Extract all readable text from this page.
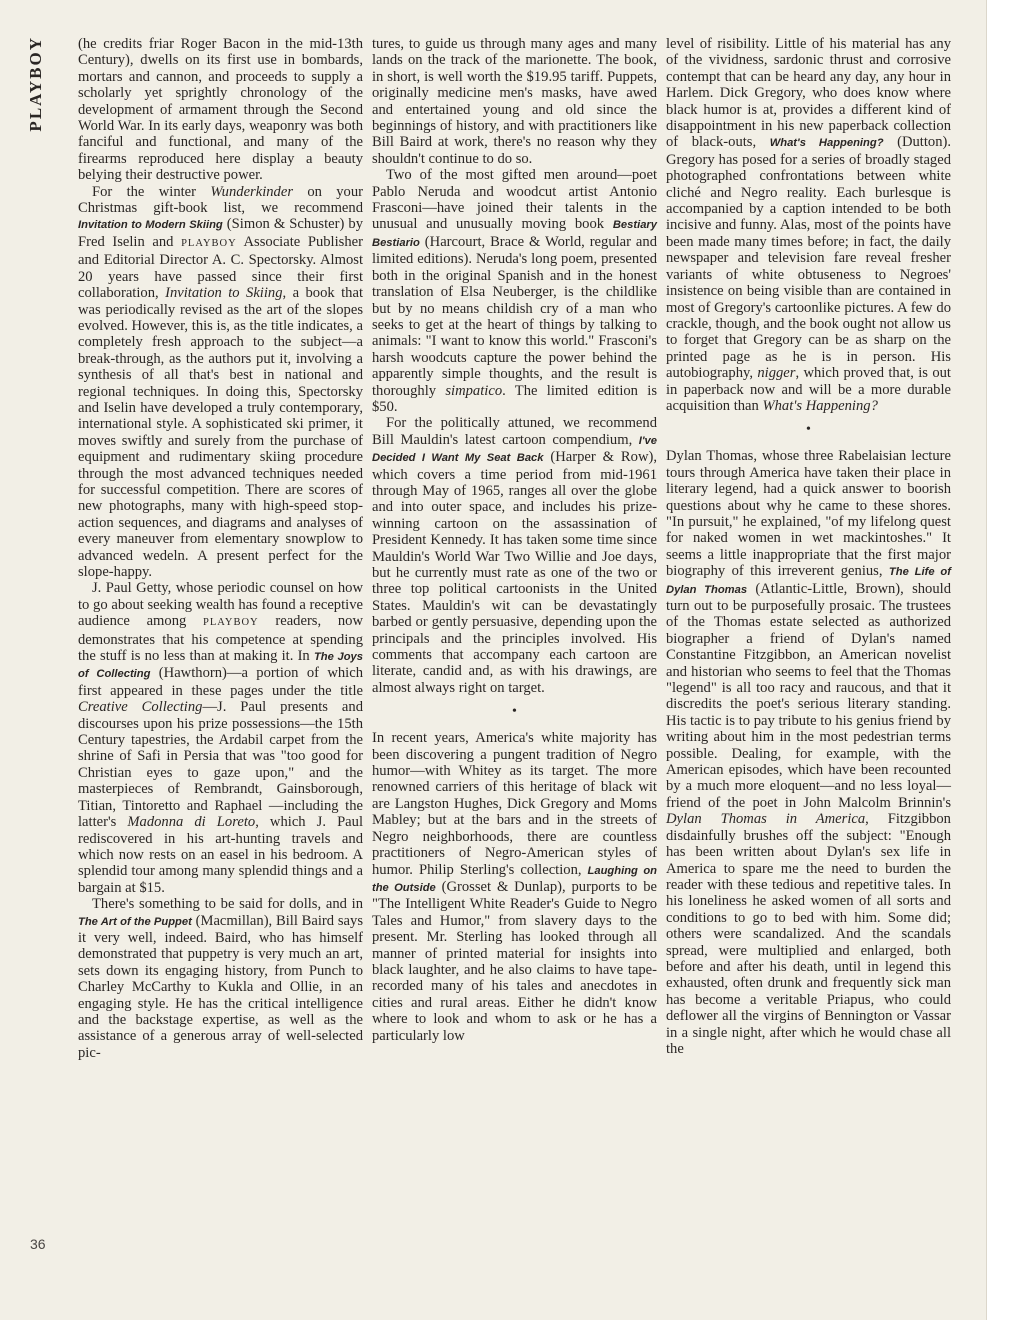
PLAYBOY	(he credits friar Roger Bacon in the mid-13th Century), dwells on its first use in bombards, mortars and cannon, and proceeds to supply a scholarly yet sprightly chronology of the development of armament through the Second World War. In its early days, weaponry was both fanciful and functional, and many of the firearms reproduced here display a beauty belying their destructive power.

For the winter Wunderkinder on your Christmas gift-book list, we recommend Invitation to Modern Skiing (Simon & Schuster) by Fred Iselin and PLAYBOY Associate Publisher and Editorial Director A. C. Spectorsky. Almost 20 years have passed since their first collaboration, Invitation to Skiing, a book that was periodically revised as the art of the slopes evolved. However, this is, as the title indicates, a completely fresh approach to the subject—a break-through, as the authors put it, involving a synthesis of all that's best in national and regional techniques. In doing this, Spectorsky and Iselin have developed a truly contemporary, international style. A sophisticated ski primer, it moves swiftly and surely from the purchase of equipment and rudimentary skiing procedure through the most advanced techniques needed for successful competition. There are scores of new photographs, many with high-speed stop-action sequences, and diagrams and analyses of every maneuver from elementary snowplow to advanced wedeln. A present perfect for the slope-happy.

J. Paul Getty, whose periodic counsel on how to go about seeking wealth has found a receptive audience among PLAYBOY readers, now demonstrates that his competence at spending the stuff is no less than at making it. In The Joys of Collecting (Hawthorn)—a portion of which first appeared in these pages under the title Creative Collecting—J. Paul presents and discourses upon his prize possessions—the 15th Century tapestries, the Ardabil carpet from the shrine of Safi in Persia that was "too good for Christian eyes to gaze upon," and the masterpieces of Rembrandt, Gainsborough, Titian, Tintoretto and Raphael —including the latter's Madonna di Loreto, which J. Paul rediscovered in his art-hunting travels and which now rests on an easel in his bedroom. A splendid tour among many splendid things and a bargain at $15.

There's something to be said for dolls, and in The Art of the Puppet (Macmillan), Bill Baird says it very well, indeed. Baird, who has himself demonstrated that puppetry is very much an art, sets down its engaging history, from Punch to Charley McCarthy to Kukla and Ollie, in an engaging style. He has the critical intelligence and the backstage expertise, as well as the assistance of a generous array of well-selected pic-

tures, to guide us through many ages and many lands on the track of the marionette. The book, in short, is well worth the $19.95 tariff. Puppets, originally medicine men's masks, have awed and entertained young and old since the beginnings of history, and with practitioners like Bill Baird at work, there's no reason why they shouldn't continue to do so.

Two of the most gifted men around—poet Pablo Neruda and woodcut artist Antonio Frasconi—have joined their talents in the unusual and unusually moving book Bestiary Bestiario (Harcourt, Brace & World, regular and limited editions). Neruda's long poem, presented both in the original Spanish and in the honest translation of Elsa Neuberger, is the childlike but by no means childish cry of a man who seeks to get at the heart of things by talking to animals: "I want to know this world." Frasconi's harsh woodcuts capture the power behind the apparently simple thoughts, and the result is thoroughly simpatico. The limited edition is $50.

For the politically attuned, we recommend Bill Mauldin's latest cartoon compendium, I've Decided I Want My Seat Back (Harper & Row), which covers a time period from mid-1961 through May of 1965, ranges all over the globe and into outer space, and includes his prize-winning cartoon on the assassination of President Kennedy. It has taken some time since Mauldin's World War Two Willie and Joe days, but he currently must rate as one of the two or three top political cartoonists in the United States. Mauldin's wit can be devastatingly barbed or gently persuasive, depending upon the principals and the principles involved. His comments that accompany each cartoon are literate, candid and, as with his drawings, are almost always right on target.

•

In recent years, America's white majority has been discovering a pungent tradition of Negro humor—with Whitey as its target. The more renowned carriers of this heritage of black wit are Langston Hughes, Dick Gregory and Moms Mabley; but at the bars and in the streets of Negro neighborhoods, there are countless practitioners of Negro-American styles of humor. Philip Sterling's collection, Laughing on the Outside (Grosset & Dunlap), purports to be "The Intelligent White Reader's Guide to Negro Tales and Humor," from slavery days to the present. Mr. Sterling has looked through all manner of printed material for insights into black laughter, and he also claims to have tape-recorded many of his tales and anecdotes in cities and rural areas. Either he didn't know where to look and whom to ask or he has a particularly low

level of risibility. Little of his material has any of the vividness, sardonic thrust and corrosive contempt that can be heard any day, any hour in Harlem. Dick Gregory, who does know where black humor is at, provides a different kind of disappointment in his new paperback collection of black-outs, What's Happening? (Dutton). Gregory has posed for a series of broadly staged photographed confrontations between white cliché and Negro reality. Each burlesque is accompanied by a caption intended to be both incisive and funny. Alas, most of the points have been made many times before; in fact, the daily newspaper and television fare reveal fresher variants of white obtuseness to Negroes' insistence on being visible than are contained in most of Gregory's cartoonlike pictures. A few do crackle, though, and the book ought not allow us to forget that Gregory can be as sharp on the printed page as he is in person. His autobiography, nigger, which proved that, is out in paperback now and will be a more durable acquisition than What's Happening?

•

Dylan Thomas, whose three Rabelaisian lecture tours through America have taken their place in literary legend, had a quick answer to boorish questions about why he came to these shores. "In pursuit," he explained, "of my lifelong quest for naked women in wet mackintoshes." It seems a little inappropriate that the first major biography of this irreverent genius, The Life of Dylan Thomas (Atlantic-Little, Brown), should turn out to be purposefully prosaic. The trustees of the Thomas estate selected as authorized biographer a friend of Dylan's named Constantine Fitzgibbon, an American novelist and historian who seems to feel that the Thomas "legend" is all too racy and raucous, and that it discredits the poet's serious literary standing. His tactic is to pay tribute to his genius friend by writing about him in the most pedestrian terms possible. Dealing, for example, with the American episodes, which have been recounted by a much more eloquent—and no less loyal—friend of the poet in John Malcolm Brinnin's Dylan Thomas in America, Fitzgibbon disdainfully brushes off the subject: "Enough has been written about Dylan's sex life in America to spare me the need to burden the reader with these tedious and repetitive tales. In his loneliness he asked women of all sorts and conditions to go to bed with him. Some did; others were scandalized. And the scandals spread, were multiplied and enlarged, both before and after his death, until in legend this exhausted, often drunk and frequently sick man has become a veritable Priapus, who could deflower all the virgins of Bennington or Vassar in a single night, after which he would chase all the

36
